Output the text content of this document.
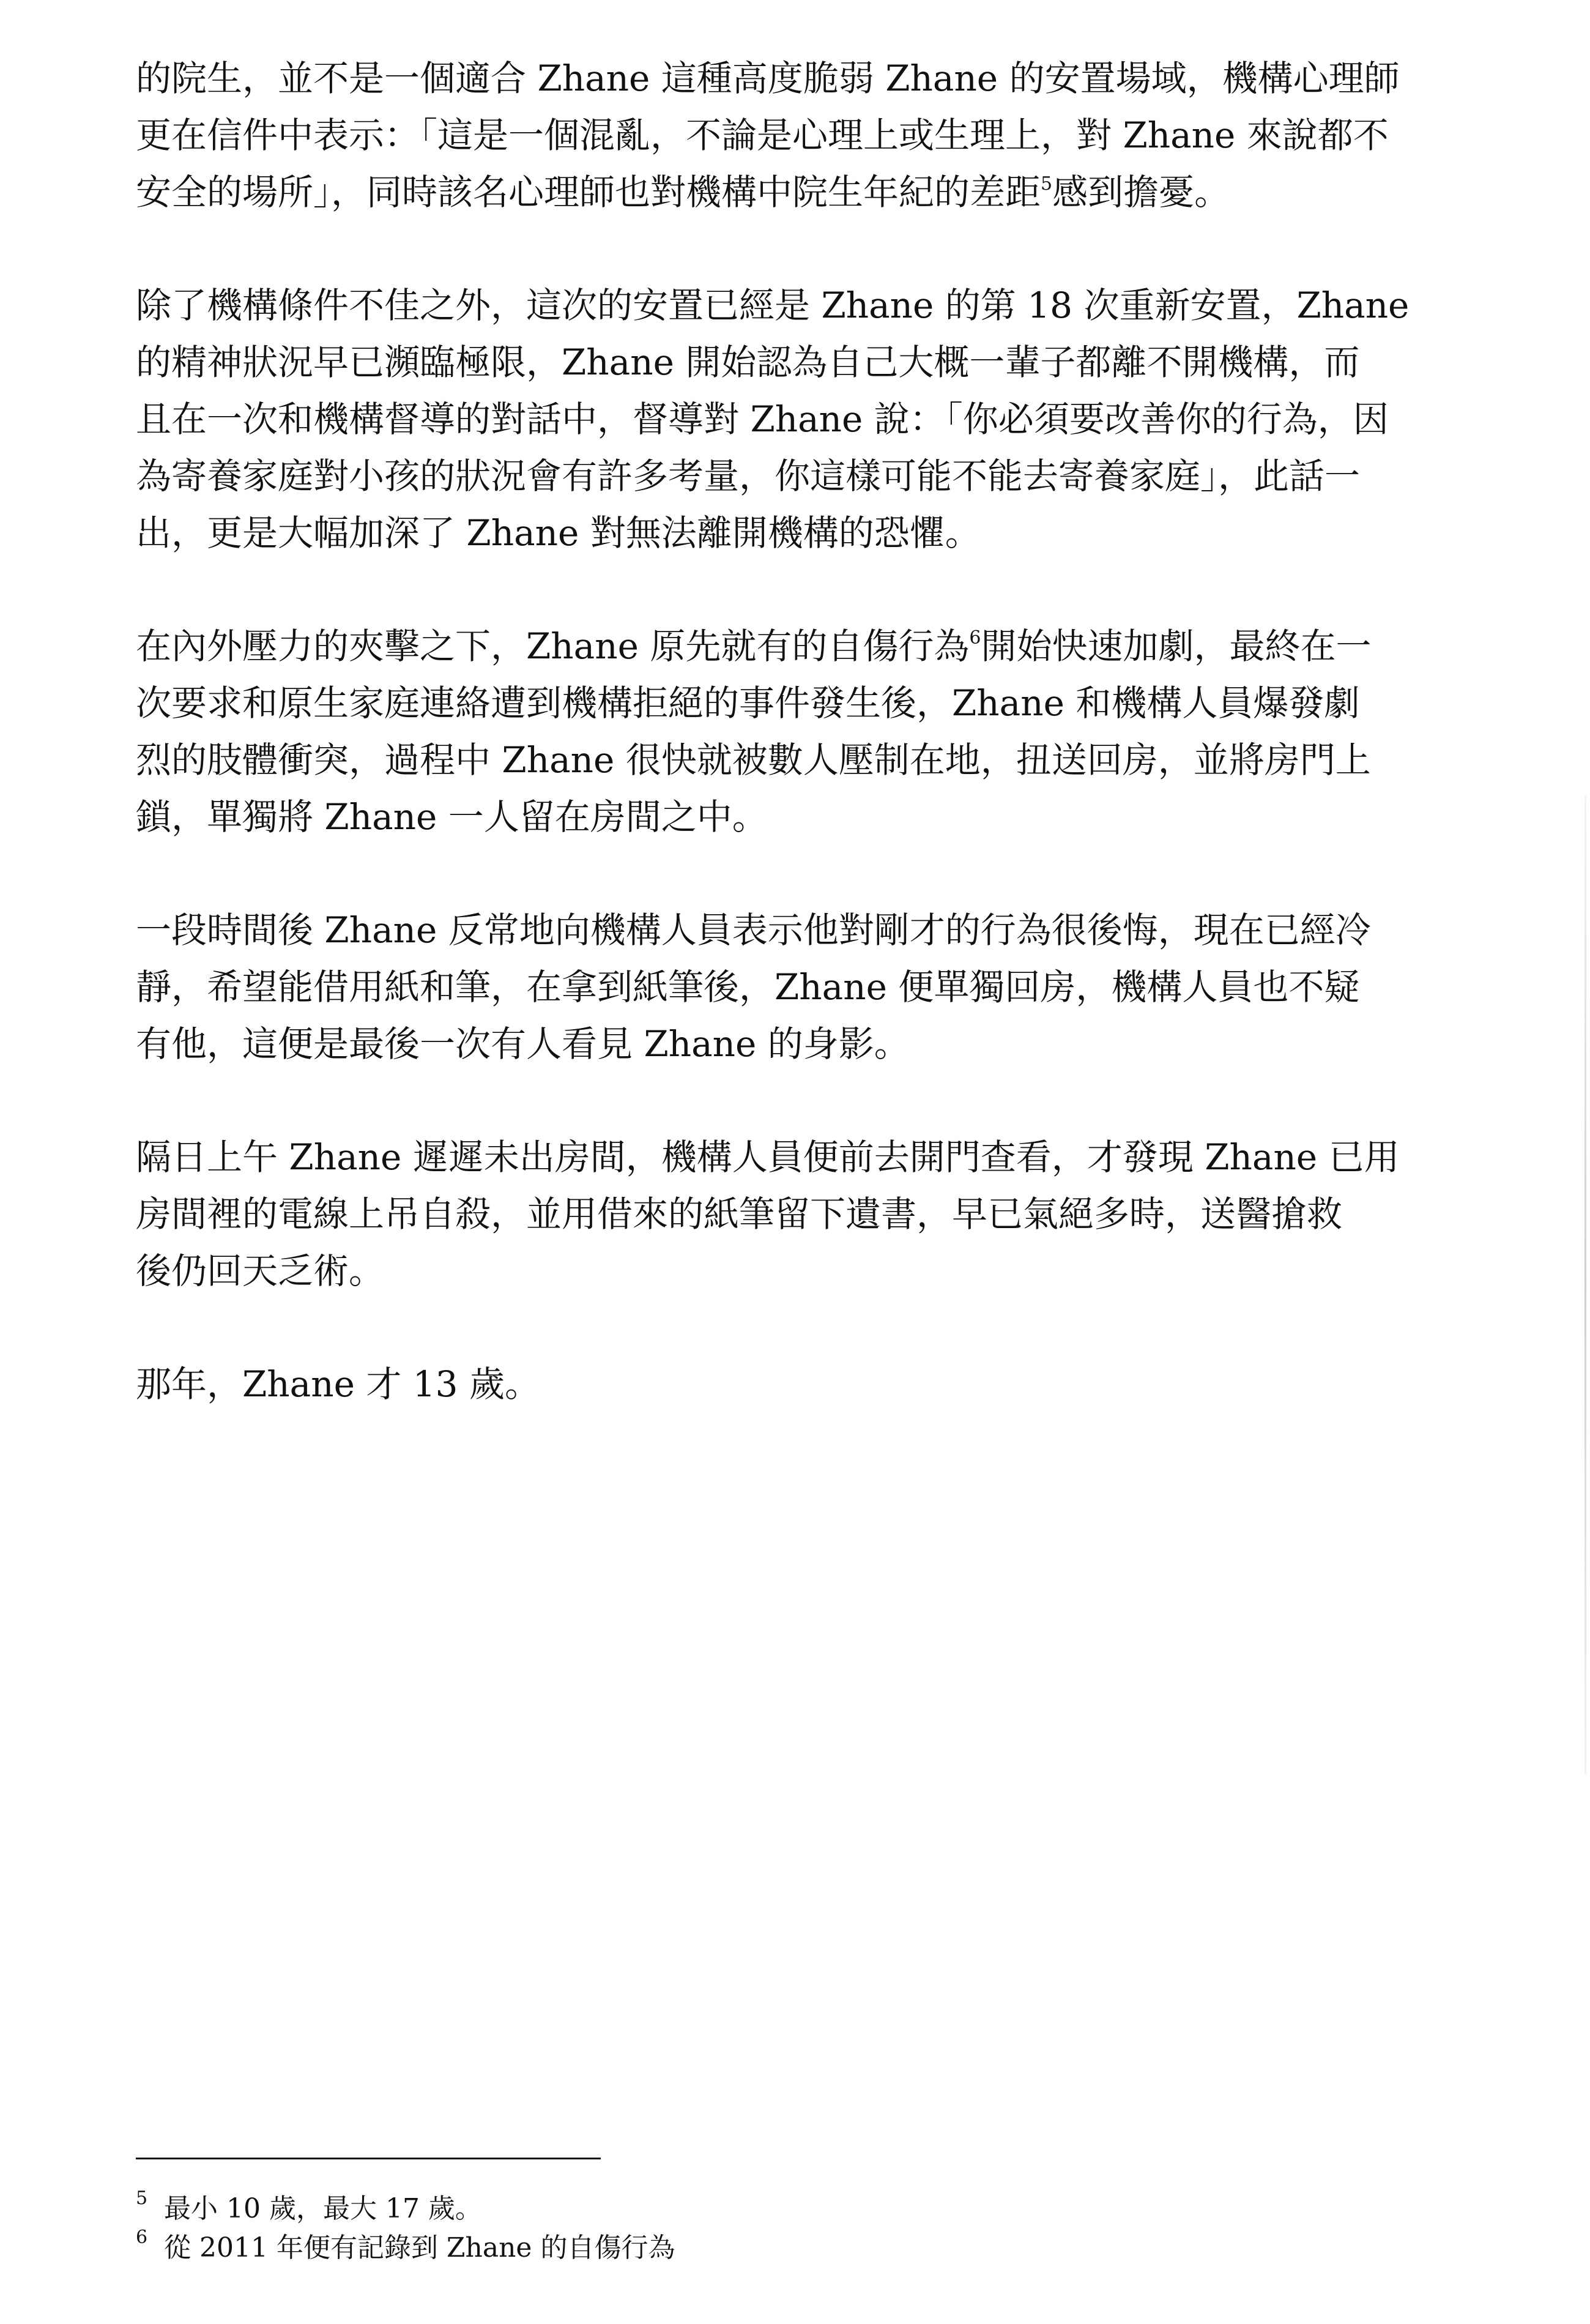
的院生，並不是一個適合 Zhane 這種高度脆弱 Zhane 的安置場域，機構心理師
更在信件中表示：「這是一個混亂，不論是心理上或生理上，對 Zhane 來說都不
安全的場所」，同時該名心理師也對機構中院生年紀的差距$^5$感到擔憂。

除了機構條件不佳之外，這次的安置已經是 Zhane 的第 18 次重新安置，Zhane
的精神狀況早已瀕臨極限，Zhane 開始認為自己大概一輩子都離不開機構，而
且在一次和機構督導的對話中，督導對 Zhane 說：「你必須要改善你的行為，因
為寄養家庭對小孩的狀況會有許多考量，你這樣可能不能去寄養家庭」，此話一
出，更是大幅加深了 Zhane 對無法離開機構的恐懼。

在內外壓力的夾擊之下，Zhane 原先就有的自傷行為$^6$開始快速加劇，最終在一
次要求和原生家庭連絡遭到機構拒絕的事件發生後，Zhane 和機構人員爆發劇
烈的肢體衝突，過程中 Zhane 很快就被數人壓制在地，扭送回房，並將房門上
鎖，單獨將 Zhane 一人留在房間之中。

一段時間後 Zhane 反常地向機構人員表示他對剛才的行為很後悔，現在已經冷
靜，希望能借用紙和筆，在拿到紙筆後，Zhane 便單獨回房，機構人員也不疑
有他，這便是最後一次有人看見 Zhane 的身影。

隔日上午 Zhane 遲遲未出房間，機構人員便前去開門查看，才發現 Zhane 已用
房間裡的電線上吊自殺，並用借來的紙筆留下遺書，早已氣絕多時，送醫搶救
後仍回天乏術。

那年，Zhane 才 13 歲。

5 最小 10 歲，最大 17 歲。
6 從 2011 年便有記錄到 Zhane 的自傷行為
